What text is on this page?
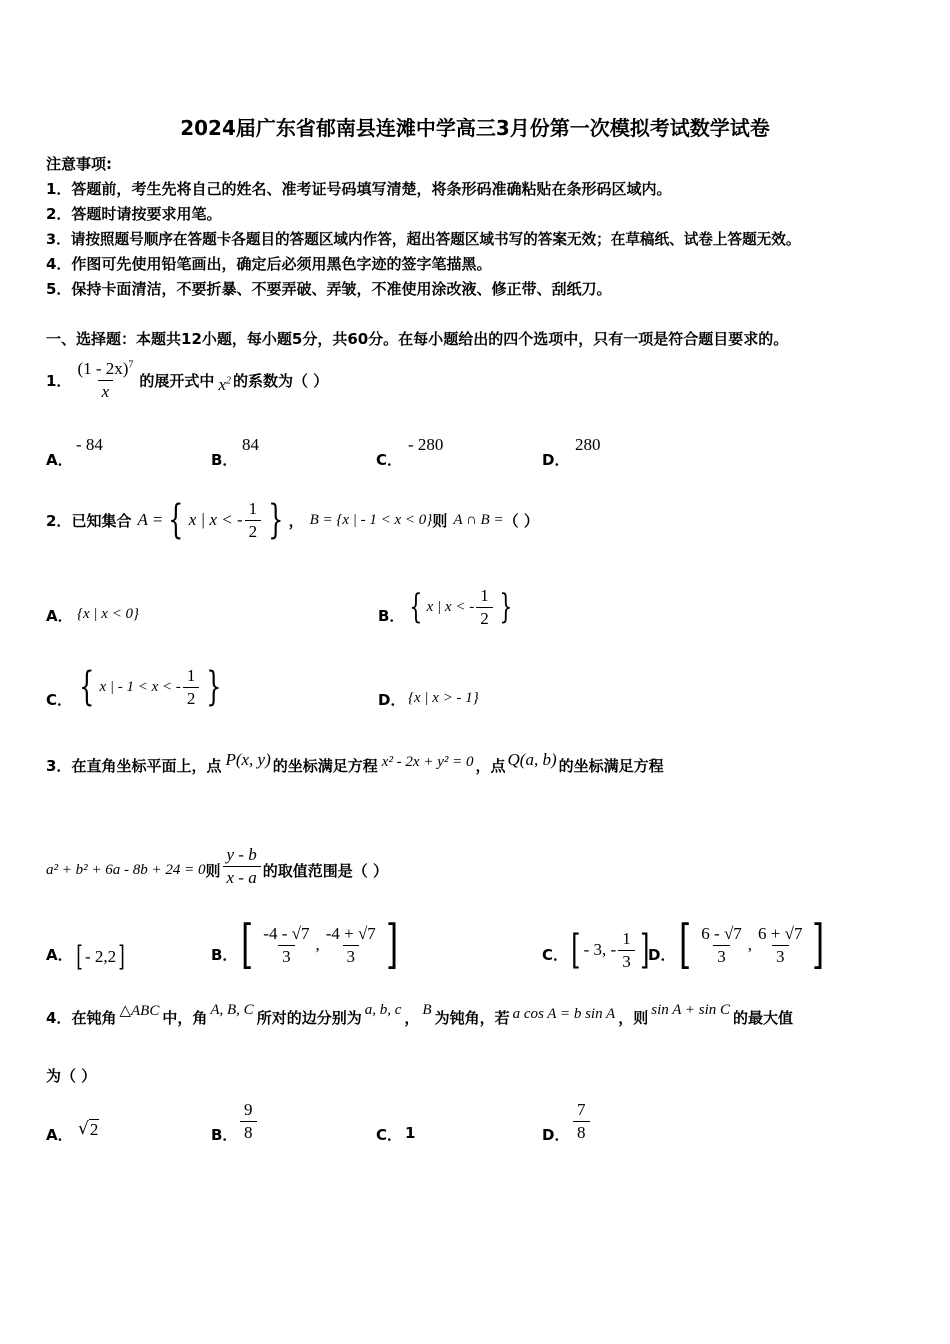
2024届广东省郁南县连滩中学高三3月份第一次模拟考试数学试卷
注意事项:
1．答题前，考生先将自己的姓名、准考证号码填写清楚，将条形码准确粘贴在条形码区域内。
2．答题时请按要求用笔。
3．请按照题号顺序在答题卡各题目的答题区域内作答，超出答题区域书写的答案无效；在草稿纸、试卷上答题无效。
4．作图可先使用铅笔画出，确定后必须用黑色字迹的签字笔描黑。
5．保持卡面清洁，不要折暴、不要弄破、弄皱，不准使用涂改液、修正带、刮纸刀。
一、选择题：本题共12小题，每小题5分，共60分。在每小题给出的四个选项中，只有一项是符合题目要求的。
1． $\frac{(1 - 2x)^7}{x}$ 的展开式中 $x^2$ 的系数为（ ）
A．
- 84
B．
84
C．
- 280
D．
280
2． 已知集合 A = { x | x < - $\frac{1}{2}$ } ， B = {x | - 1 < x < 0} 则 A ∩ B = （ ）
A． {x | x < 0}	B． { x | x < - $\frac{1}{2}$ }
C． { x | - 1 < x < - $\frac{1}{2}$ }	D． {x | x > - 1}
3． 在直角坐标平面上，点 P(x, y) 的坐标满足方程 x² - 2x + y² = 0 ，点 Q(a, b) 的坐标满足方程
a² + b² + 6a - 8b + 24 = 0 则 $\frac{y - b}{x - a}$ 的取值范围是（ ）
A． [ - 2,2 ]	B． [ $\frac{-4 - √7}{3}$ , $\frac{-4 + √7}{3}$ ]	C． [ - 3, - $\frac{1}{3}$ ]
D． [ $\frac{6 - √7}{3}$ , $\frac{6 + √7}{3}$ ]
4． 在钝角 △ABC 中，角 A, B, C 所对的边分别为 a, b, c ， B 为钝角，若 a cos A = b sin A ，则 sin A + sin C 的最大值
为（ ）
A． √ 2	B． $\frac{9}{8}$	C． 1	D． $\frac{7}{8}$
